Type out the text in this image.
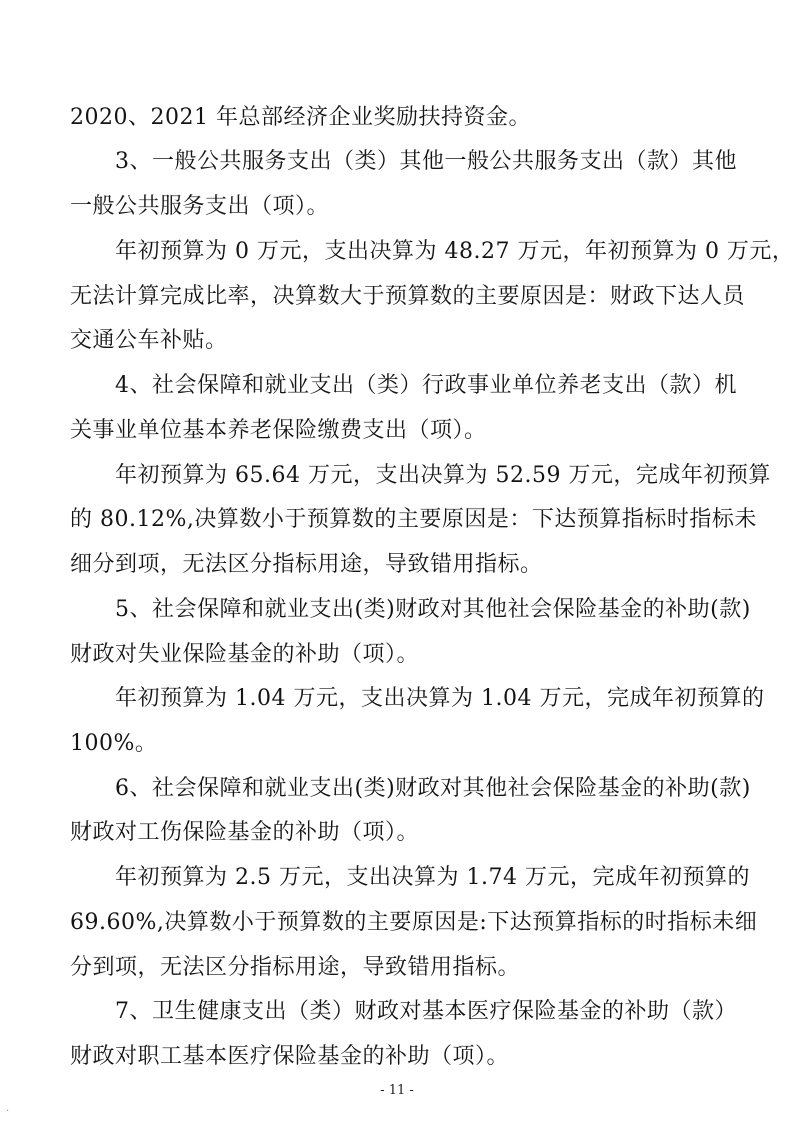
2020、2021 年总部经济企业奖励扶持资金。
3、一般公共服务支出（类）其他一般公共服务支出（款）其他
一般公共服务支出（项）。
年初预算为 0 万元，支出决算为 48.27 万元，年初预算为 0 万元，
无法计算完成比率，决算数大于预算数的主要原因是：财政下达人员
交通公车补贴。
4、社会保障和就业支出（类）行政事业单位养老支出（款）机
关事业单位基本养老保险缴费支出（项）。
年初预算为 65.64 万元，支出决算为 52.59 万元，完成年初预算
的 80.12%,决算数小于预算数的主要原因是：下达预算指标时指标未
细分到项，无法区分指标用途，导致错用指标。
5、社会保障和就业支出(类)财政对其他社会保险基金的补助(款)
财政对失业保险基金的补助（项）。
年初预算为 1.04 万元，支出决算为 1.04 万元，完成年初预算的
100%。
6、社会保障和就业支出(类)财政对其他社会保险基金的补助(款)
财政对工伤保险基金的补助（项）。
年初预算为 2.5 万元，支出决算为 1.74 万元，完成年初预算的
69.60%,决算数小于预算数的主要原因是:下达预算指标的时指标未细
分到项，无法区分指标用途，导致错用指标。
7、卫生健康支出（类）财政对基本医疗保险基金的补助（款）
财政对职工基本医疗保险基金的补助（项）。
- 11 -
.
